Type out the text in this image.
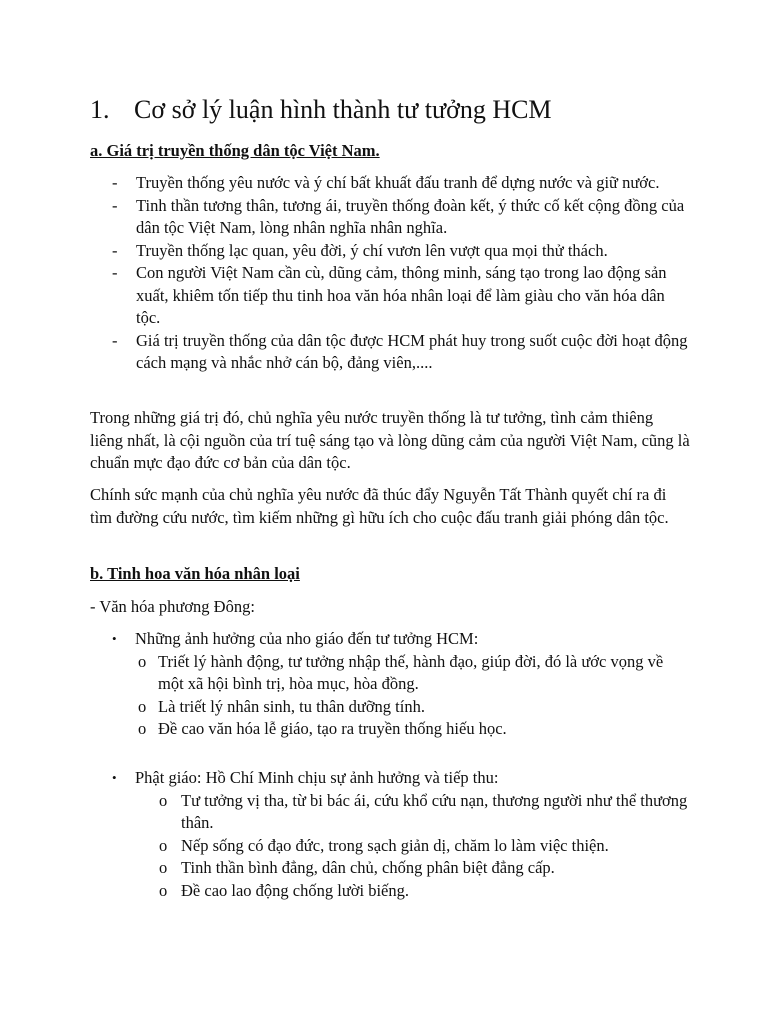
1. Cơ sở lý luận hình thành tư tưởng HCM

a. Giá trị truyền thống dân tộc Việt Nam.

- Truyền thống yêu nước và ý chí bất khuất đấu tranh để dựng nước và giữ nước.
- Tinh thần tương thân, tương ái, truyền thống đoàn kết, ý thức cố kết cộng đồng của dân tộc Việt Nam, lòng nhân nghĩa nhân nghĩa.
- Truyền thống lạc quan, yêu đời, ý chí vươn lên vượt qua mọi thử thách.
- Con người Việt Nam cần cù, dũng cảm, thông minh, sáng tạo trong lao động sản xuất, khiêm tốn tiếp thu tinh hoa văn hóa nhân loại để làm giàu cho văn hóa dân tộc.
- Giá trị truyền thống của dân tộc được HCM phát huy trong suốt cuộc đời hoạt động cách mạng và nhắc nhở cán bộ, đảng viên,....

Trong những giá trị đó, chủ nghĩa yêu nước truyền thống là tư tưởng, tình cảm thiêng liêng nhất, là cội nguồn của trí tuệ sáng tạo và lòng dũng cảm của người Việt Nam, cũng là chuẩn mực đạo đức cơ bản của dân tộc.

Chính sức mạnh của chủ nghĩa yêu nước đã thúc đẩy Nguyễn Tất Thành quyết chí ra đi tìm đường cứu nước, tìm kiếm những gì hữu ích cho cuộc đấu tranh giải phóng dân tộc.

b. Tinh hoa văn hóa nhân loại

- Văn hóa phương Đông:

• Những ảnh hưởng của nho giáo đến tư tưởng HCM:
o Triết lý hành động, tư tưởng nhập thế, hành đạo, giúp đời, đó là ước vọng về một xã hội bình trị, hòa mục, hòa đồng.
o Là triết lý nhân sinh, tu thân dưỡng tính.
o Đề cao văn hóa lễ giáo, tạo ra truyền thống hiếu học.
• Phật giáo: Hồ Chí Minh chịu sự ảnh hưởng và tiếp thu:
o Tư tưởng vị tha, từ bi bác ái, cứu khổ cứu nạn, thương người như thể thương thân.
o Nếp sống có đạo đức, trong sạch giản dị, chăm lo làm việc thiện.
o Tinh thần bình đẳng, dân chủ, chống phân biệt đẳng cấp.
o Đề cao lao động chống lười biếng.
